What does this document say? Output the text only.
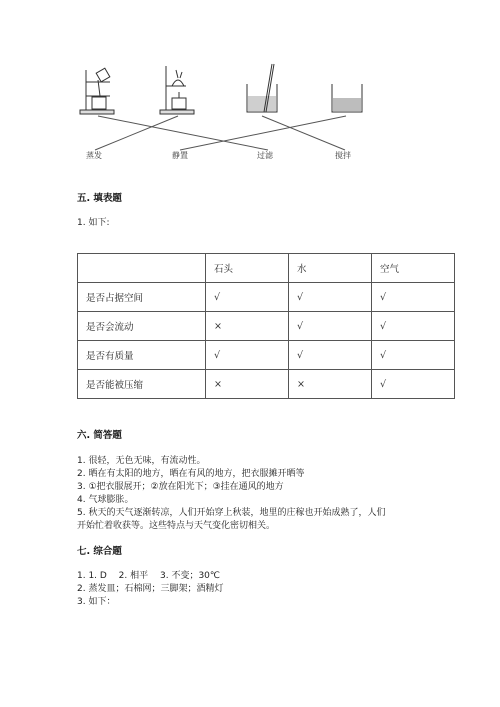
蒸发	静置	过滤	搅拌
五. 填表题
1. 如下:
	石头	水	空气
是否占据空间	√	√	√
是否会流动	×	√	√
是否有质量	√	√	√
是否能被压缩	×	×	√
六. 简答题
1. 很轻，无色无味，有流动性。
2. 晒在有太阳的地方，晒在有风的地方，把衣服摊开晒等
3. ①把衣服展开；②放在阳光下；③挂在通风的地方
4. 气球膨胀。
5. 秋天的天气逐渐转凉，人们开始穿上秋装，地里的庄稼也开始成熟了，人们
开始忙着收获等。这些特点与天气变化密切相关。
七. 综合题
1. 1. D　 2. 相平　 3. 不变；30℃
2. 蒸发皿；石棉网；三脚架；酒精灯
3. 如下：
